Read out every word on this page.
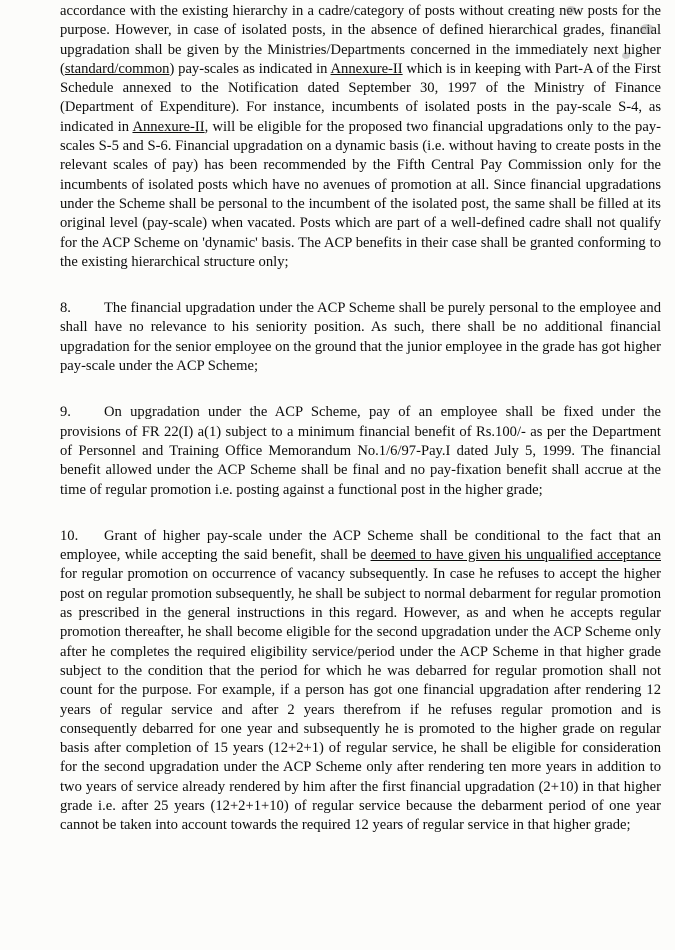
accordance with the existing hierarchy in a cadre/category of posts without creating new posts for the purpose. However, in case of isolated posts, in the absence of defined hierarchical grades, financial upgradation shall be given by the Ministries/Departments concerned in the immediately next higher (standard/common) pay-scales as indicated in Annexure-II which is in keeping with Part-A of the First Schedule annexed to the Notification dated September 30, 1997 of the Ministry of Finance (Department of Expenditure). For instance, incumbents of isolated posts in the pay-scale S-4, as indicated in Annexure-II, will be eligible for the proposed two financial upgradations only to the pay-scales S-5 and S-6. Financial upgradation on a dynamic basis (i.e. without having to create posts in the relevant scales of pay) has been recommended by the Fifth Central Pay Commission only for the incumbents of isolated posts which have no avenues of promotion at all. Since financial upgradations under the Scheme shall be personal to the incumbent of the isolated post, the same shall be filled at its original level (pay-scale) when vacated. Posts which are part of a well-defined cadre shall not qualify for the ACP Scheme on 'dynamic' basis. The ACP benefits in their case shall be granted conforming to the existing hierarchical structure only;

8. The financial upgradation under the ACP Scheme shall be purely personal to the employee and shall have no relevance to his seniority position. As such, there shall be no additional financial upgradation for the senior employee on the ground that the junior employee in the grade has got higher pay-scale under the ACP Scheme;

9. On upgradation under the ACP Scheme, pay of an employee shall be fixed under the provisions of FR 22(I) a(1) subject to a minimum financial benefit of Rs.100/- as per the Department of Personnel and Training Office Memorandum No.1/6/97-Pay.I dated July 5, 1999. The financial benefit allowed under the ACP Scheme shall be final and no pay-fixation benefit shall accrue at the time of regular promotion i.e. posting against a functional post in the higher grade;

10. Grant of higher pay-scale under the ACP Scheme shall be conditional to the fact that an employee, while accepting the said benefit, shall be deemed to have given his unqualified acceptance for regular promotion on occurrence of vacancy subsequently. In case he refuses to accept the higher post on regular promotion subsequently, he shall be subject to normal debarment for regular promotion as prescribed in the general instructions in this regard. However, as and when he accepts regular promotion thereafter, he shall become eligible for the second upgradation under the ACP Scheme only after he completes the required eligibility service/period under the ACP Scheme in that higher grade subject to the condition that the period for which he was debarred for regular promotion shall not count for the purpose. For example, if a person has got one financial upgradation after rendering 12 years of regular service and after 2 years therefrom if he refuses regular promotion and is consequently debarred for one year and subsequently he is promoted to the higher grade on regular basis after completion of 15 years (12+2+1) of regular service, he shall be eligible for consideration for the second upgradation under the ACP Scheme only after rendering ten more years in addition to two years of service already rendered by him after the first financial upgradation (2+10) in that higher grade i.e. after 25 years (12+2+1+10) of regular service because the debarment period of one year cannot be taken into account towards the required 12 years of regular service in that higher grade;
